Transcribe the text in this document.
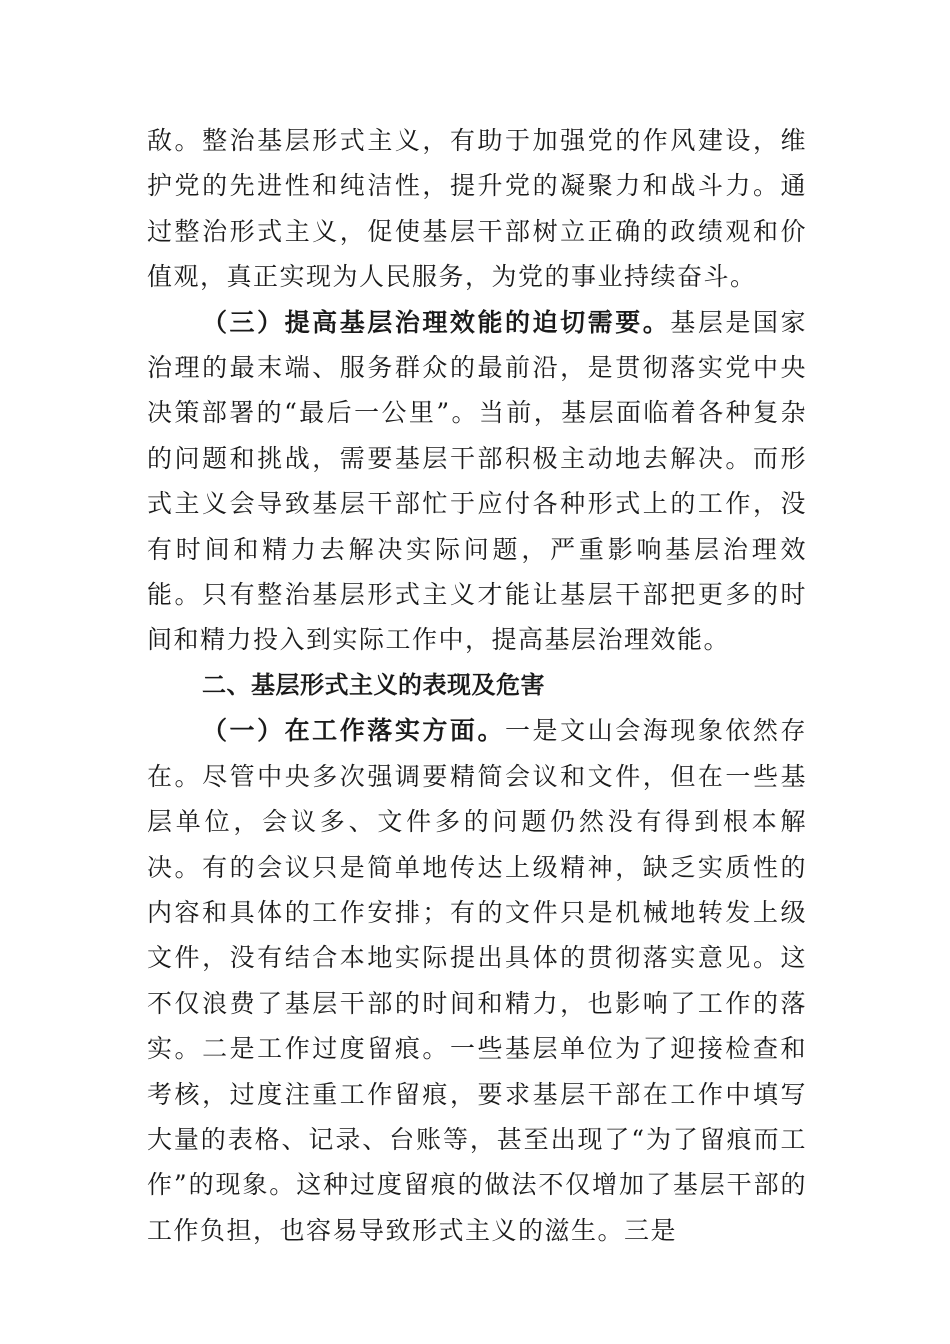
敌。整治基层形式主义，有助于加强党的作风建设，维护党的先进性和纯洁性，提升党的凝聚力和战斗力。通过整治形式主义，促使基层干部树立正确的政绩观和价值观，真正实现为人民服务，为党的事业持续奋斗。

（三）提高基层治理效能的迫切需要。基层是国家治理的最末端、服务群众的最前沿，是贯彻落实党中央决策部署的“最后一公里”。当前，基层面临着各种复杂的问题和挑战，需要基层干部积极主动地去解决。而形式主义会导致基层干部忙于应付各种形式上的工作，没有时间和精力去解决实际问题，严重影响基层治理效能。只有整治基层形式主义才能让基层干部把更多的时间和精力投入到实际工作中，提高基层治理效能。

二、基层形式主义的表现及危害

（一）在工作落实方面。一是文山会海现象依然存在。尽管中央多次强调要精简会议和文件，但在一些基层单位，会议多、文件多的问题仍然没有得到根本解决。有的会议只是简单地传达上级精神，缺乏实质性的内容和具体的工作安排；有的文件只是机械地转发上级文件，没有结合本地实际提出具体的贯彻落实意见。这不仅浪费了基层干部的时间和精力，也影响了工作的落实。二是工作过度留痕。一些基层单位为了迎接检查和考核，过度注重工作留痕，要求基层干部在工作中填写大量的表格、记录、台账等，甚至出现了“为了留痕而工作”的现象。这种过度留痕的做法不仅增加了基层干部的工作负担，也容易导致形式主义的滋生。三是
